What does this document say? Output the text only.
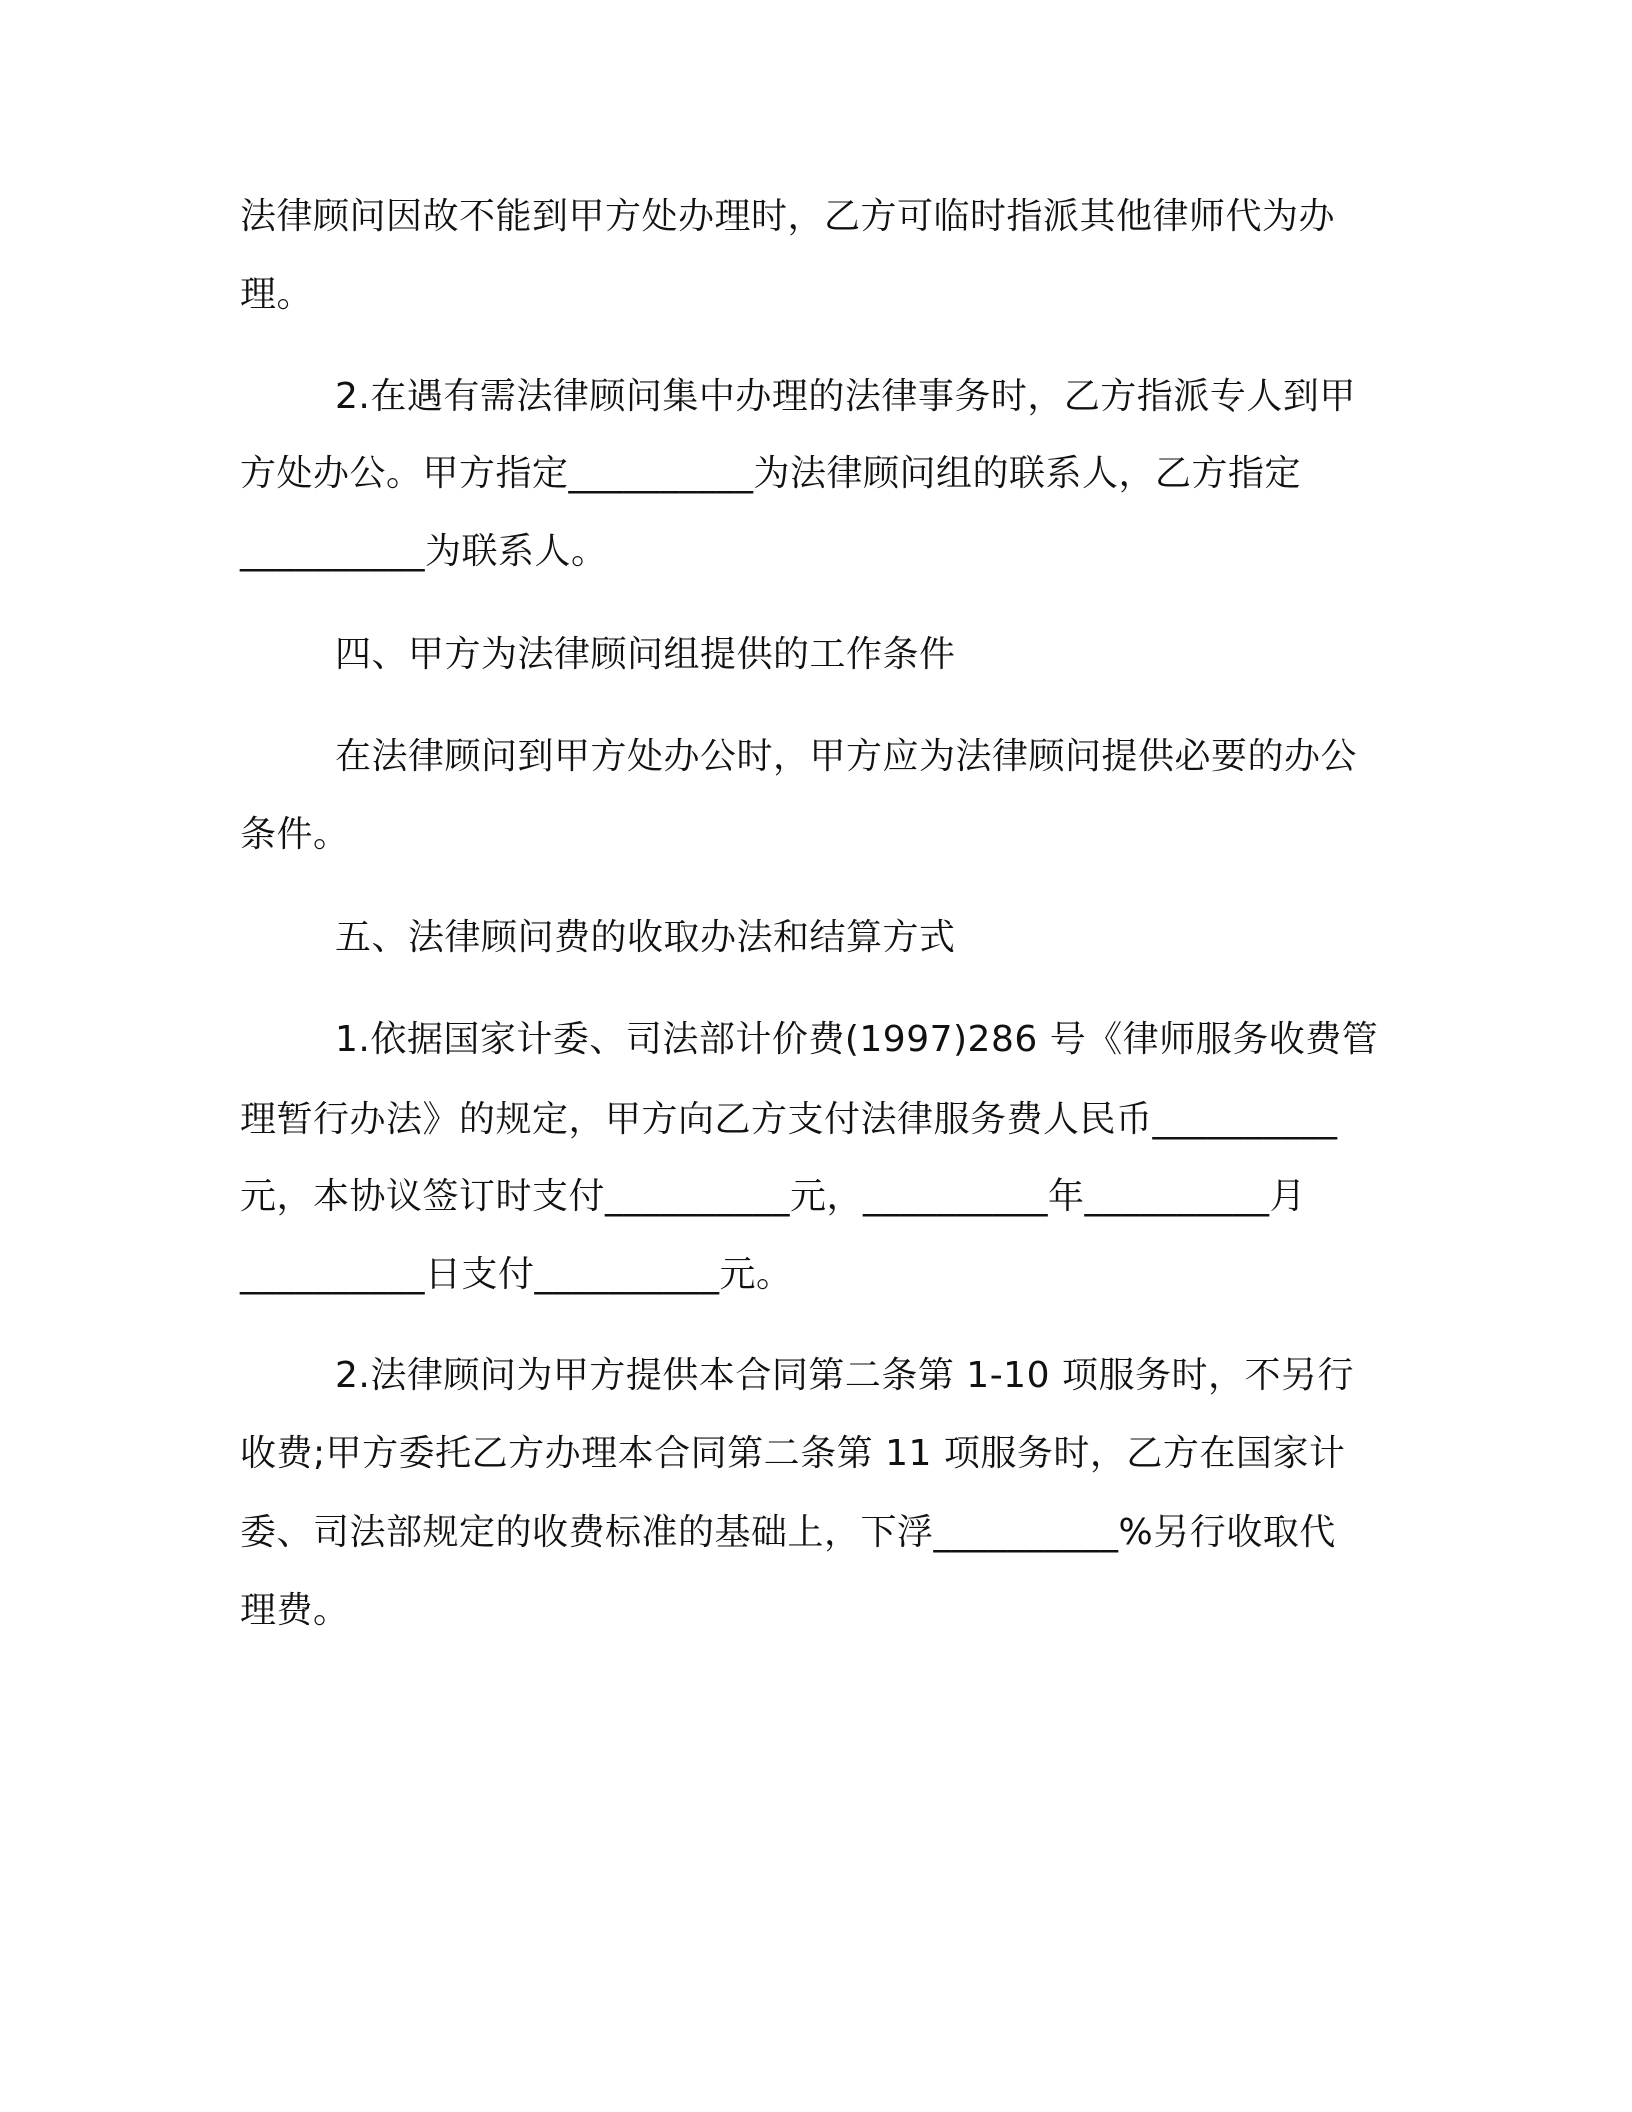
法律顾问因故不能到甲方处办理时，乙方可临时指派其他律师代为办
理。
2.在遇有需法律顾问集中办理的法律事务时，乙方指派专人到甲
方处办公。甲方指定__________为法律顾问组的联系人，乙方指定
__________为联系人。
四、甲方为法律顾问组提供的工作条件
在法律顾问到甲方处办公时，甲方应为法律顾问提供必要的办公
条件。
五、法律顾问费的收取办法和结算方式
1.依据国家计委、司法部计价费(1997)286 号《律师服务收费管
理暂行办法》的规定，甲方向乙方支付法律服务费人民币__________
元，本协议签订时支付__________元，__________年__________月
__________日支付__________元。
2.法律顾问为甲方提供本合同第二条第 1-10 项服务时，不另行
收费;甲方委托乙方办理本合同第二条第 11 项服务时，乙方在国家计
委、司法部规定的收费标准的基础上，下浮__________%另行收取代
理费。
